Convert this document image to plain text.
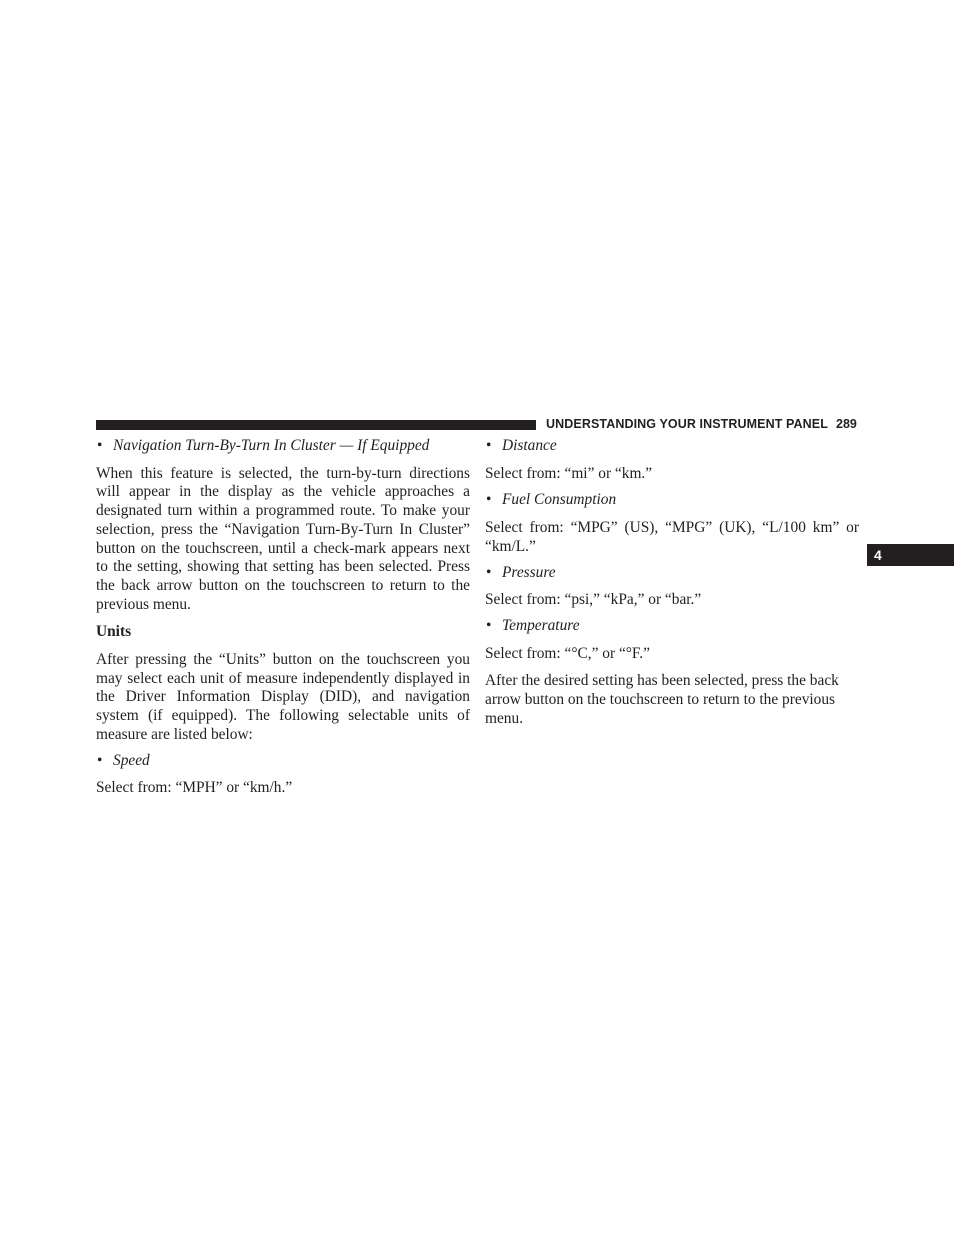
UNDERSTANDING YOUR INSTRUMENT PANEL 289
4
• Navigation Turn-By-Turn In Cluster — If Equipped

When this feature is selected, the turn-by-turn directions will appear in the display as the vehicle approaches a designated turn within a programmed route. To make your selection, press the “Navigation Turn-By-Turn In Cluster” button on the touchscreen, until a check-mark appears next to the setting, showing that setting has been selected. Press the back arrow button on the touchscreen to return to the previous menu.

Units

After pressing the “Units” button on the touchscreen you may select each unit of measure independently displayed in the Driver Information Display (DID), and navigation system (if equipped). The following selectable units of measure are listed below:

• Speed

Select from: “MPH” or “km/h.”

• Distance

Select from: “mi” or “km.”

• Fuel Consumption

Select from: “MPG” (US), “MPG” (UK), “L/100 km” or “km/L.”

• Pressure

Select from: “psi,” “kPa,” or “bar.”

• Temperature

Select from: “°C,” or “°F.”

After the desired setting has been selected, press the back arrow button on the touchscreen to return to the previous menu.
